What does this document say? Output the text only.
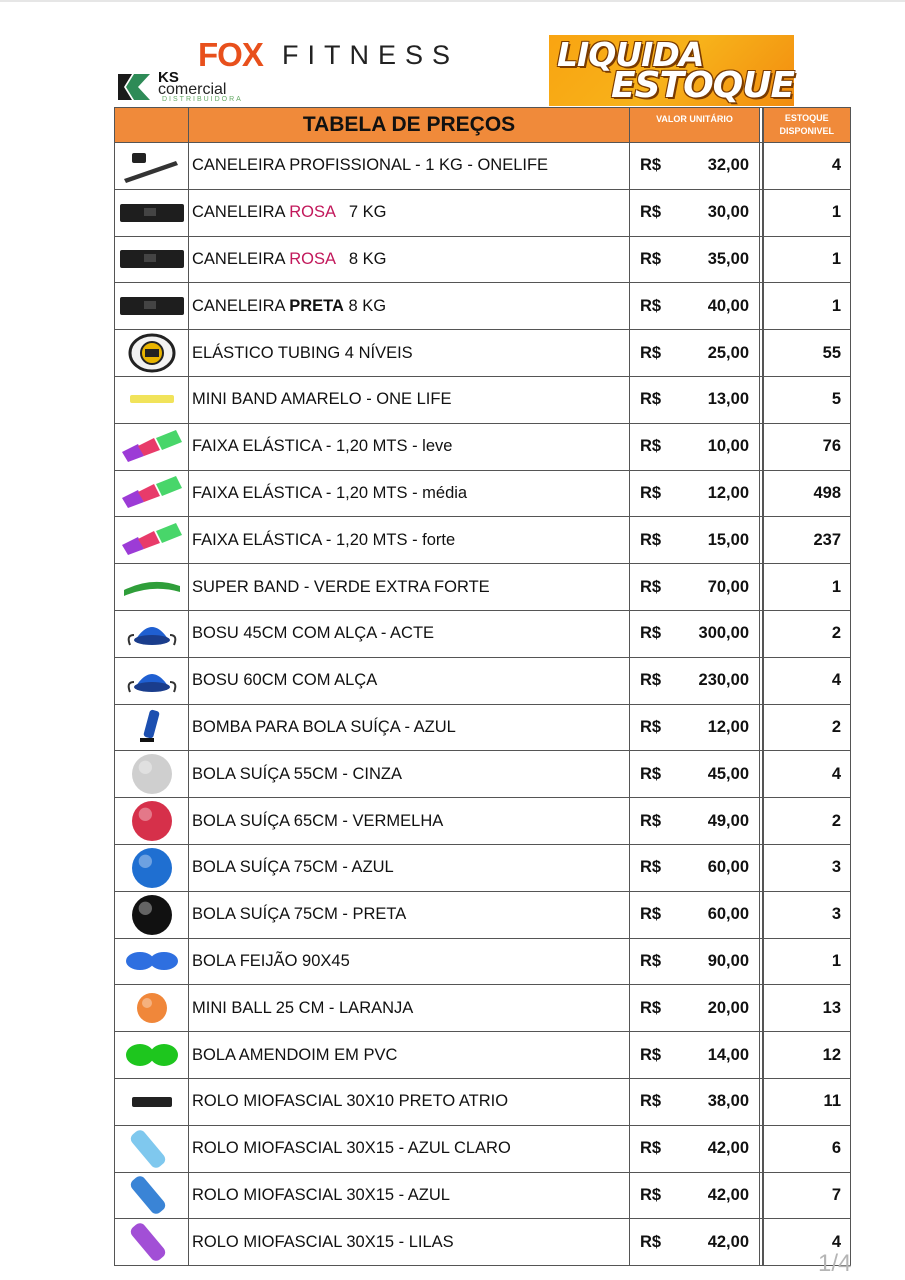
FOX FITNESS
KS
comercial
DISTRIBUIDORA
LIQUIDA
ESTOQUE
	TABELA DE PREÇOS	VALOR UNITÁRIO		ESTOQUE
DISPONIVEL

	CANELEIRA PROFISSIONAL - 1 KG - ONELIFE	R$ 32,00		4
	CANELEIRA ROSA   7 KG	R$ 30,00		1
	CANELEIRA ROSA   8 KG	R$ 35,00		1
	CANELEIRA PRETA 8 KG	R$ 40,00		1
	ELÁSTICO TUBING 4 NÍVEIS	R$ 25,00		55
	MINI BAND AMARELO - ONE LIFE	R$ 13,00		5
	FAIXA ELÁSTICA - 1,20 MTS - leve	R$ 10,00		76
	FAIXA ELÁSTICA - 1,20 MTS - média	R$ 12,00		498
	FAIXA ELÁSTICA - 1,20 MTS - forte	R$ 15,00		237
	SUPER BAND - VERDE EXTRA FORTE	R$ 70,00		1
	BOSU 45CM COM ALÇA - ACTE	R$ 300,00		2
	BOSU 60CM COM ALÇA	R$ 230,00		4
	BOMBA PARA BOLA SUÍÇA - AZUL	R$ 12,00		2
	BOLA SUÍÇA 55CM - CINZA	R$ 45,00		4
	BOLA SUÍÇA 65CM - VERMELHA	R$ 49,00		2
	BOLA SUÍÇA 75CM - AZUL	R$ 60,00		3
	BOLA SUÍÇA 75CM - PRETA	R$ 60,00		3
	BOLA FEIJÃO 90X45	R$ 90,00		1
	MINI BALL 25 CM - LARANJA	R$ 20,00		13
	BOLA AMENDOIM EM PVC	R$ 14,00		12
	ROLO MIOFASCIAL 30X10 PRETO ATRIO	R$ 38,00		11
	ROLO MIOFASCIAL 30X15 - AZUL CLARO	R$ 42,00		6
	ROLO MIOFASCIAL 30X15 - AZUL	R$ 42,00		7
	ROLO MIOFASCIAL 30X15 - LILAS	R$ 42,00		4
1/4
